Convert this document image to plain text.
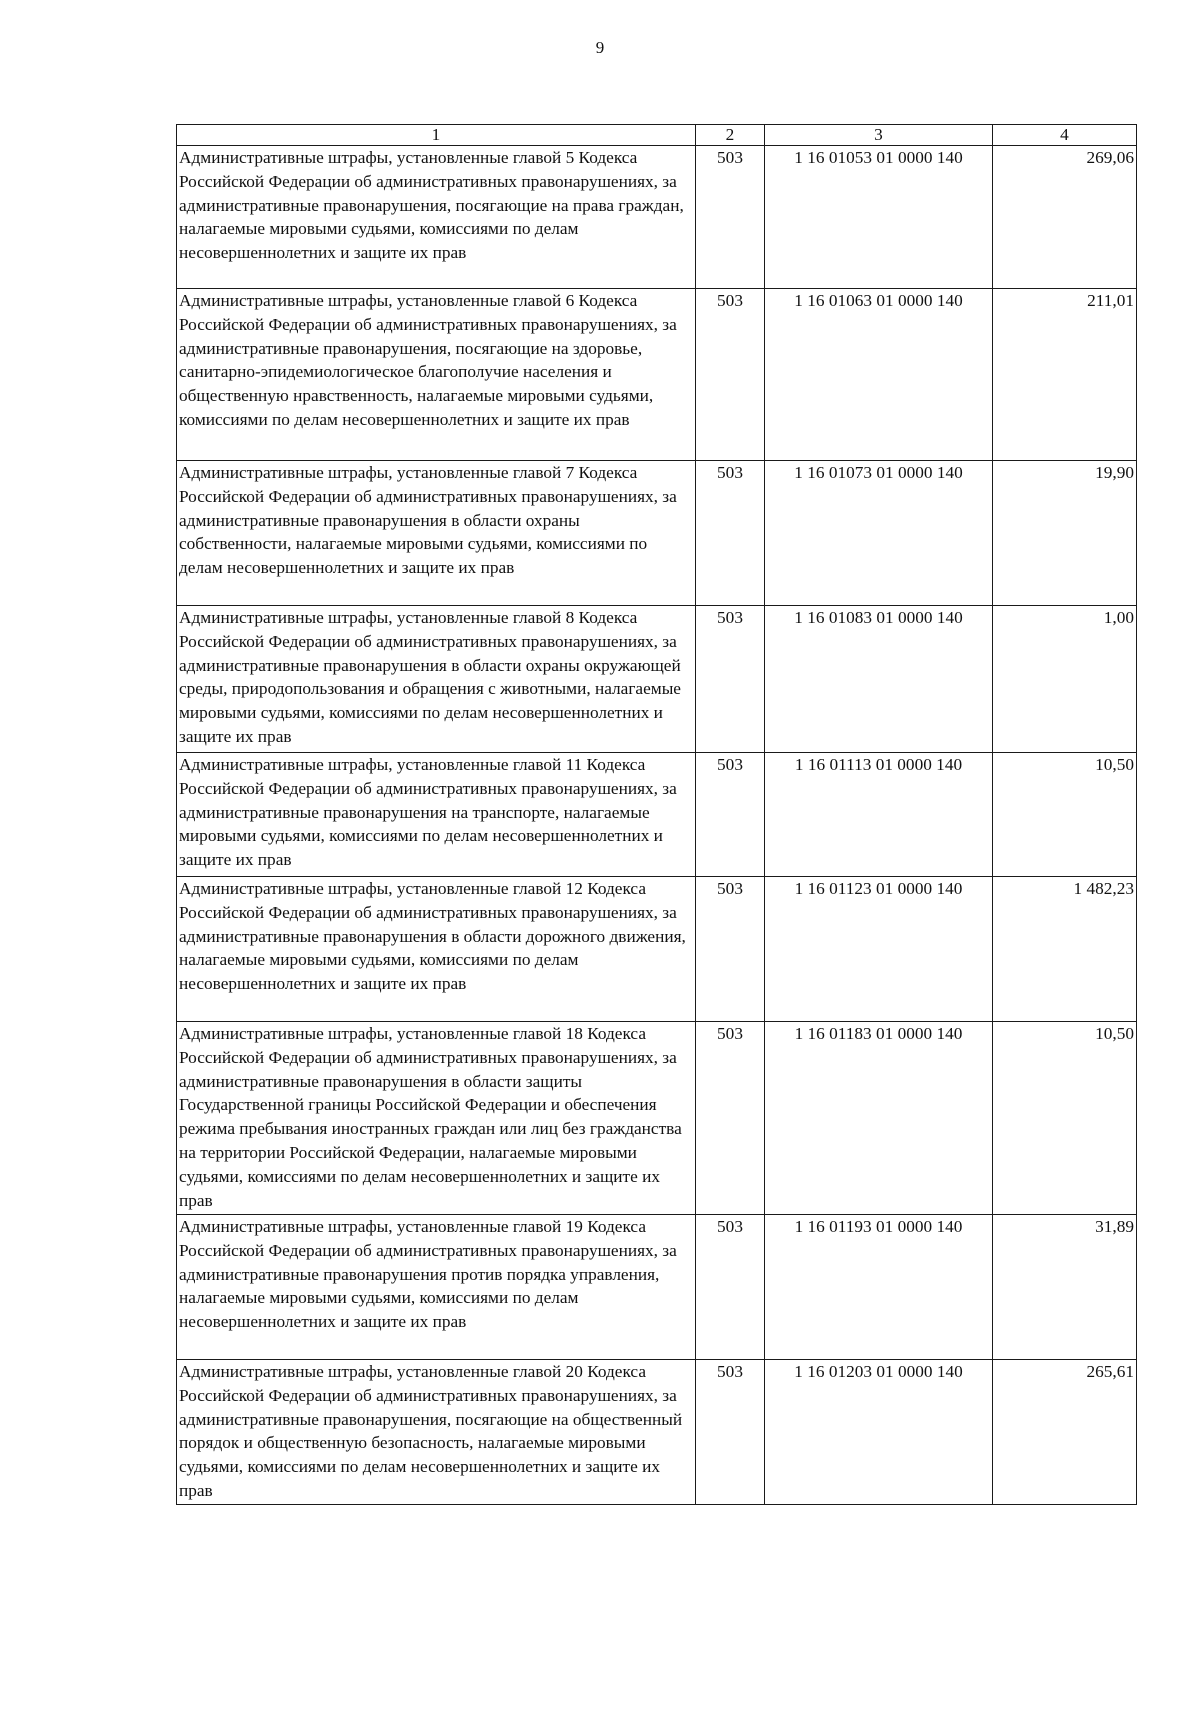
9
1	2	3	4
Административные штрафы, установленные главой 5 Кодекса Российской Федерации об административных правонарушениях, за административные правонарушения, посягающие на права граждан, налагаемые мировыми судьями, комиссиями по делам несовершеннолетних и защите их прав	503	1 16 01053 01 0000 140	269,06
Административные штрафы, установленные главой 6 Кодекса Российской Федерации об административных правонарушениях, за административные правонарушения, посягающие на здоровье, санитарно-эпидемиологическое благополучие населения и общественную нравственность, налагаемые мировыми судьями, комиссиями по делам несовершеннолетних и защите их прав	503	1 16 01063 01 0000 140	211,01
Административные штрафы, установленные главой 7 Кодекса Российской Федерации об административных правонарушениях, за административные правонарушения в области охраны собственности, налагаемые мировыми судьями, комиссиями по делам несовершеннолетних и защите их прав	503	1 16 01073 01 0000 140	19,90
Административные штрафы, установленные главой 8 Кодекса Российской Федерации об административных правонарушениях, за административные правонарушения в области охраны окружающей среды, природопользования и обращения с животными, налагаемые мировыми судьями, комиссиями по делам несовершеннолетних и защите их прав	503	1 16 01083 01 0000 140	1,00
Административные штрафы, установленные главой 11 Кодекса Российской Федерации об административных правонарушениях, за административные правонарушения на транспорте, налагаемые мировыми судьями, комиссиями по делам несовершеннолетних и защите их прав	503	1 16 01113 01 0000 140	10,50
Административные штрафы, установленные главой 12 Кодекса Российской Федерации об административных правонарушениях, за административные правонарушения в области дорожного движения, налагаемые мировыми судьями, комиссиями по делам несовершеннолетних и защите их прав	503	1 16 01123 01 0000 140	1 482,23
Административные штрафы, установленные главой 18 Кодекса Российской Федерации об административных правонарушениях, за административные правонарушения в области защиты Государственной границы Российской Федерации и обеспечения режима пребывания иностранных граждан или лиц без гражданства на территории Российской Федерации, налагаемые мировыми судьями, комиссиями по делам несовершеннолетних и защите их прав	503	1 16 01183 01 0000 140	10,50
Административные штрафы, установленные главой 19 Кодекса Российской Федерации об административных правонарушениях, за административные правонарушения против порядка управления, налагаемые мировыми судьями, комиссиями по делам несовершеннолетних и защите их прав	503	1 16 01193 01 0000 140	31,89
Административные штрафы, установленные главой 20 Кодекса Российской Федерации об административных правонарушениях, за административные правонарушения, посягающие на общественный порядок и общественную безопасность, налагаемые мировыми судьями, комиссиями по делам несовершеннолетних и защите их прав	503	1 16 01203 01 0000 140	265,61
